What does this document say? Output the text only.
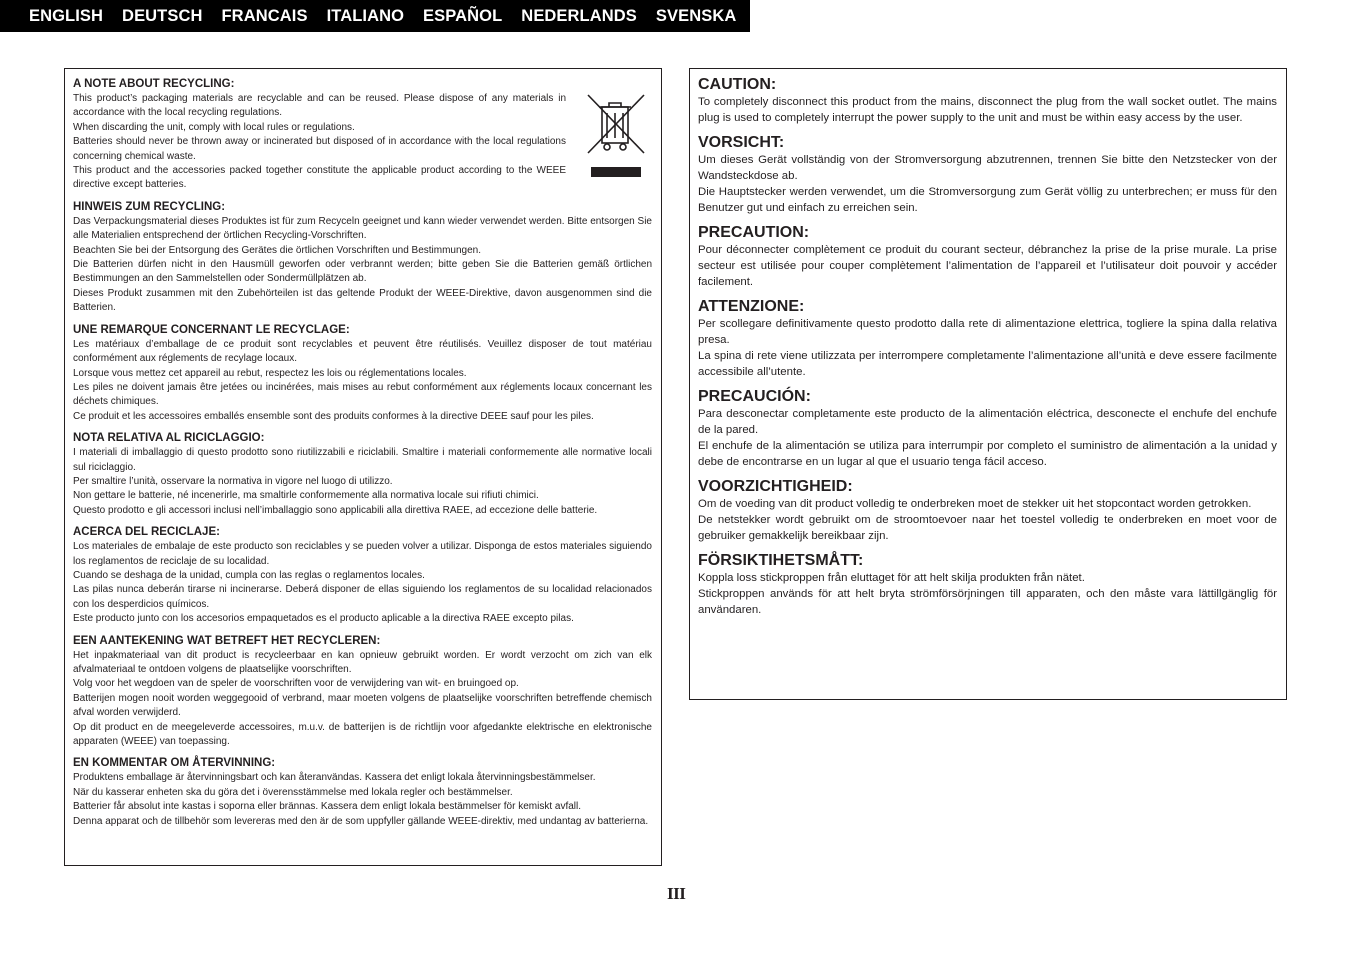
ENGLISH DEUTSCH FRANCAIS ITALIANO ESPAÑOL NEDERLANDS SVENSKA
A NOTE ABOUT RECYCLING:

This product’s packaging materials are recyclable and can be reused. Please dispose of any materials in accordance with the local recycling regulations.

When discarding the unit, comply with local rules or regulations.

Batteries should never be thrown away or incinerated but disposed of in accordance with the local regulations concerning chemical waste.

This product and the accessories packed together constitute the applicable product according to the WEEE directive except batteries.

HINWEIS ZUM RECYCLING:

Das Verpackungsmaterial dieses Produktes ist für zum Recyceln geeignet und kann wieder verwendet werden. Bitte entsorgen Sie alle Materialien entsprechend der örtlichen Recycling-Vorschriften.

Beachten Sie bei der Entsorgung des Gerätes die örtlichen Vorschriften und Bestimmungen.

Die Batterien dürfen nicht in den Hausmüll geworfen oder verbrannt werden; bitte geben Sie die Batterien gemäß örtlichen Bestimmungen an den Sammelstellen oder Sondermüllplätzen ab.

Dieses Produkt zusammen mit den Zubehörteilen ist das geltende Produkt der WEEE-Direktive, davon ausgenommen sind die Batterien.

UNE REMARQUE CONCERNANT LE RECYCLAGE:

Les matériaux d’emballage de ce produit sont recyclables et peuvent être réutilisés. Veuillez disposer de tout matériau conformément aux réglements de recylage locaux.

Lorsque vous mettez cet appareil au rebut, respectez les lois ou réglementations locales.

Les piles ne doivent jamais être jetées ou incinérées, mais mises au rebut conformément aux réglements locaux concernant les déchets chimiques.

Ce produit et les accessoires emballés ensemble sont des produits conformes à la directive DEEE sauf pour les piles.

NOTA RELATIVA AL RICICLAGGIO:

I materiali di imballaggio di questo prodotto sono riutilizzabili e riciclabili. Smaltire i materiali conformemente alle normative locali sul riciclaggio.

Per smaltire l’unità, osservare la normativa in vigore nel luogo di utilizzo.

Non gettare le batterie, né incenerirle, ma smaltirle conformemente alla normativa locale sui rifiuti chimici.

Questo prodotto e gli accessori inclusi nell’imballaggio sono applicabili alla direttiva RAEE, ad eccezione delle batterie.

ACERCA DEL RECICLAJE:

Los materiales de embalaje de este producto son reciclables y se pueden volver a utilizar. Disponga de estos materiales siguiendo los reglamentos de reciclaje de su localidad.

Cuando se deshaga de la unidad, cumpla con las reglas o reglamentos locales.

Las pilas nunca deberán tirarse ni incinerarse. Deberá disponer de ellas siguiendo los reglamentos de su localidad relacionados con los desperdicios químicos.

Este producto junto con los accesorios empaquetados es el producto aplicable a la directiva RAEE excepto pilas.

EEN AANTEKENING WAT BETREFT HET RECYCLEREN:

Het inpakmateriaal van dit product is recycleerbaar en kan opnieuw gebruikt worden. Er wordt verzocht om zich van elk afvalmateriaal te ontdoen volgens de plaatselijke voorschriften.

Volg voor het wegdoen van de speler de voorschriften voor de verwijdering van wit- en bruingoed op.

Batterijen mogen nooit worden weggegooid of verbrand, maar moeten volgens de plaatselijke voorschriften betreffende chemisch afval worden verwijderd.

Op dit product en de meegeleverde accessoires, m.u.v. de batterijen is de richtlijn voor afgedankte elektrische en elektronische apparaten (WEEE) van toepassing.

EN KOMMENTAR OM ÅTERVINNING:

Produktens emballage är återvinningsbart och kan återanvändas. Kassera det enligt lokala återvinningsbestämmelser.

När du kasserar enheten ska du göra det i överensstämmelse med lokala regler och bestämmelser.

Batterier får absolut inte kastas i soporna eller brännas. Kassera dem enligt lokala bestämmelser för kemiskt avfall.

Denna apparat och de tillbehör som levereras med den är de som uppfyller gällande WEEE-direktiv, med undantag av batterierna.

CAUTION:

To completely disconnect this product from the mains, disconnect the plug from the wall socket outlet. The mains plug is used to completely interrupt the power supply to the unit and must be within easy access by the user.

VORSICHT:

Um dieses Gerät vollständig von der Stromversorgung abzutrennen, trennen Sie bitte den Netzstecker von der Wandsteckdose ab.

Die Hauptstecker werden verwendet, um die Stromversorgung zum Gerät völlig zu unterbrechen; er muss für den Benutzer gut und einfach zu erreichen sein.

PRECAUTION:

Pour déconnecter complètement ce produit du courant secteur, débranchez la prise de la prise murale. La prise secteur est utilisée pour couper complètement l’alimentation de l’appareil et l’utilisateur doit pouvoir y accéder facilement.

ATTENZIONE:

Per scollegare definitivamente questo prodotto dalla rete di alimentazione elettrica, togliere la spina dalla relativa presa.

La spina di rete viene utilizzata per interrompere completamente l’alimentazione all’unità e deve essere facilmente accessibile all’utente.

PRECAUCIÓN:

Para desconectar completamente este producto de la alimentación eléctrica, desconecte el enchufe del enchufe de la pared.

El enchufe de la alimentación se utiliza para interrumpir por completo el suministro de alimentación a la unidad y debe de encontrarse en un lugar al que el usuario tenga fácil acceso.

VOORZICHTIGHEID:

Om de voeding van dit product volledig te onderbreken moet de stekker uit het stopcontact worden getrokken.

De netstekker wordt gebruikt om de stroomtoevoer naar het toestel volledig te onderbreken en moet voor de gebruiker gemakkelijk bereikbaar zijn.

FÖRSIKTIHETSMÅTT:

Koppla loss stickproppen från eluttaget för att helt skilja produkten från nätet.

Stickproppen används för att helt bryta strömförsörjningen till apparaten, och den måste vara lättillgänglig för användaren.

III
